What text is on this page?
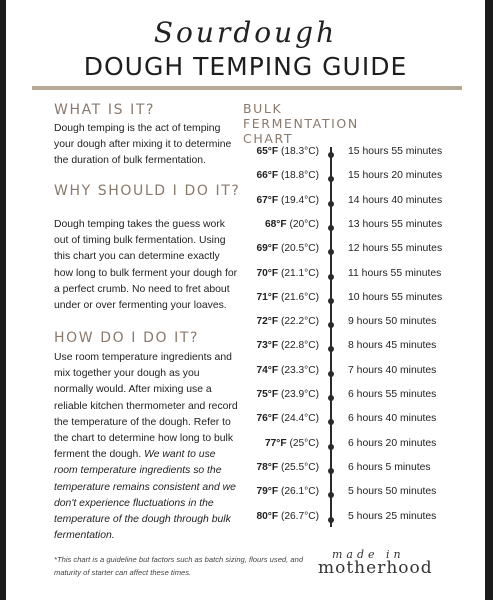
Sourdough
DOUGH TEMPING GUIDE
WHAT IS IT?
Dough temping is the act of temping your dough after mixing it to determine the duration of bulk fermentation.
WHY SHOULD I DO IT?
Dough temping takes the guess work out of timing bulk fermentation. Using this chart you can determine exactly how long to bulk ferment your dough for a perfect crumb. No need to fret about under or over fermenting your loaves.
HOW DO I DO IT?
Use room temperature ingredients and mix together your dough as you normally would. After mixing use a reliable kitchen thermometer and record the temperature of the dough. Refer to the chart to determine how long to bulk ferment the dough. We want to use room temperature ingredients so the temperature remains consistent and we don't experience fluctuations in the temperature of the dough through bulk fermentation.
BULK FERMENTATION CHART
65°F (18.3°C)	15 hours 55 minutes
66°F (18.8°C)	15 hours 20 minutes
67°F (19.4°C)	14 hours 40 minutes
68°F (20°C)	13 hours 55 minutes
69°F (20.5°C)	12 hours 55 minutes
70°F (21.1°C)	11 hours 55 minutes
71°F (21.6°C)	10 hours 55 minutes
72°F (22.2°C)	9 hours 50 minutes
73°F (22.8°C)	8 hours 45 minutes
74°F (23.3°C)	7 hours 40 minutes
75°F (23.9°C)	6 hours 55 minutes
76°F (24.4°C)	6 hours 40 minutes
77°F (25°C)	6 hours 20 minutes
78°F (25.5°C)	6 hours 5 minutes
79°F (26.1°C)	5 hours 50 minutes
80°F (26.7°C)	5 hours 25 minutes
*This chart is a guideline but factors such as batch sizing, flours used, and maturity of starter can affect these times.
made in
motherhood
